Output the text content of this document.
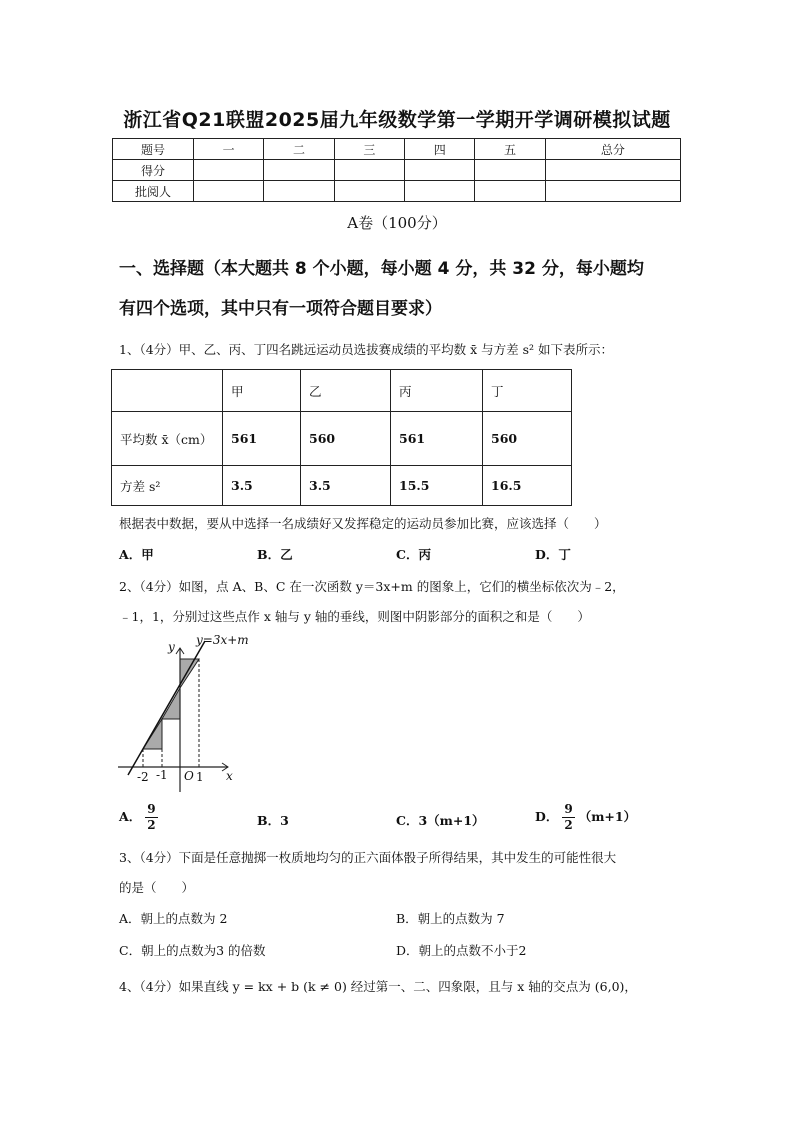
浙江省Q21联盟2025届九年级数学第一学期开学调研模拟试题
题号	一	二	三	四	五	总分
得分						
批阅人						
A卷（100分）
一、选择题（本大题共 8 个小题，每小题 4 分，共 32 分，每小题均
有四个选项，其中只有一项符合题目要求）
1、（4分）甲、乙、丙、丁四名跳远运动员选拔赛成绩的平均数 x̄ 与方差 s² 如下表所示：
	甲	乙	丙	丁
平均数 x̄（cm）	561	560	561	560
方差 s²	3.5	3.5	15.5	16.5
根据表中数据，要从中选择一名成绩好又发挥稳定的运动员参加比赛，应该选择（　　）
A．甲	B．乙	C．丙	D．丁
2、（4分）如图，点 A、B、C 在一次函数 y＝3x+m 的图象上，它们的横坐标依次为﹣2，
﹣1，1，分别过这些点作 x 轴与 y 轴的垂线，则图中阴影部分的面积之和是（　　）
y=3x+m
y
x
O
-2 -1 1
A． $\frac{9}{2}$	B．3	C．3（m+1）	D． $\frac{9}{2} (m+1)$
3、（4分）下面是任意抛掷一枚质地均匀的正六面体骰子所得结果，其中发生的可能性很大
的是（　　）
A．朝上的点数为 2	B．朝上的点数为 7
C．朝上的点数为3 的倍数	D．朝上的点数不小于2
4、（4分）如果直线 y = kx + b (k ≠ 0) 经过第一、二、四象限，且与 x 轴的交点为 (6,0)，
